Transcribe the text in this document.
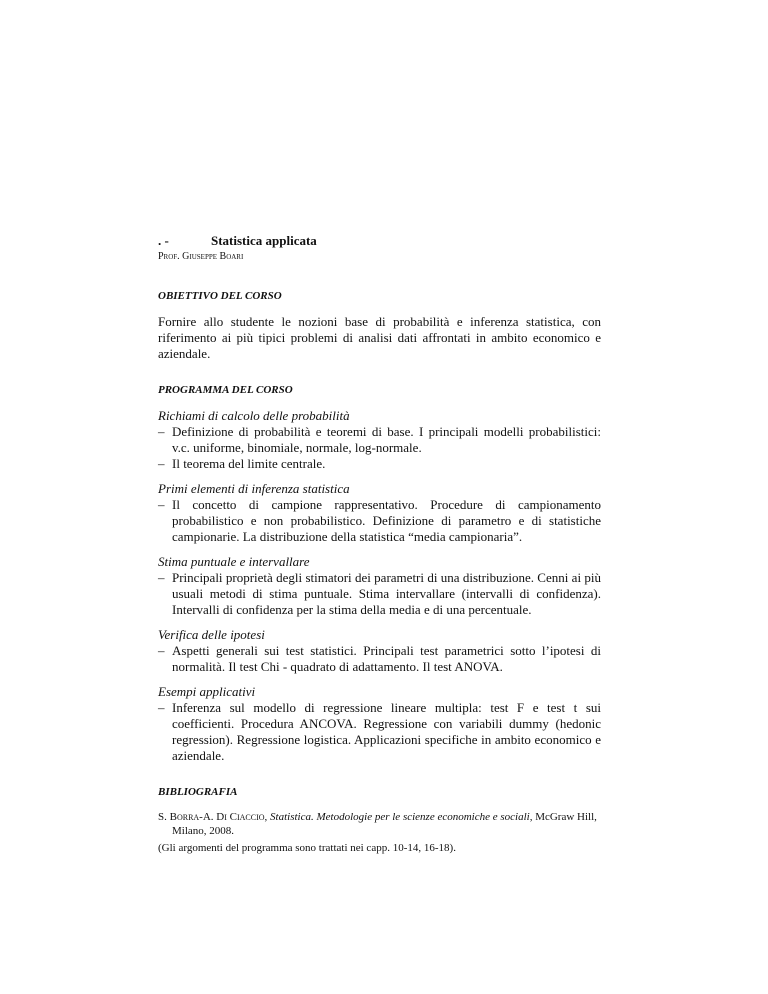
. -	Statistica applicata
Prof. Giuseppe Boari
OBIETTIVO DEL CORSO
Fornire allo studente le nozioni base di probabilità e inferenza statistica, con riferimento ai più tipici problemi di analisi dati affrontati in ambito economico e aziendale.
PROGRAMMA DEL CORSO
Richiami di calcolo delle probabilità
– Definizione di probabilità e teoremi di base. I principali modelli probabilistici: v.c. uniforme, binomiale, normale, log-normale.
– Il teorema del limite centrale.
Primi elementi di inferenza statistica
– Il concetto di campione rappresentativo. Procedure di campionamento probabilistico e non probabilistico. Definizione di parametro e di statistiche campionarie. La distribuzione della statistica “media campionaria”.
Stima puntuale e intervallare
– Principali proprietà degli stimatori dei parametri di una distribuzione. Cenni ai più usuali metodi di stima puntuale. Stima intervallare (intervalli di confidenza). Intervalli di confidenza per la stima della media e di una percentuale.
Verifica delle ipotesi
– Aspetti generali sui test statistici. Principali test parametrici sotto l’ipotesi di normalità. Il test Chi - quadrato di adattamento. Il test ANOVA.
Esempi applicativi
– Inferenza sul modello di regressione lineare multipla: test F e test t sui coefficienti. Procedura ANCOVA. Regressione con variabili dummy (hedonic regression). Regressione logistica. Applicazioni specifiche in ambito economico e aziendale.
BIBLIOGRAFIA
S. Borra-A. Di Ciaccio, Statistica. Metodologie per le scienze economiche e sociali, McGraw Hill, Milano, 2008.
(Gli argomenti del programma sono trattati nei capp. 10-14, 16-18).
